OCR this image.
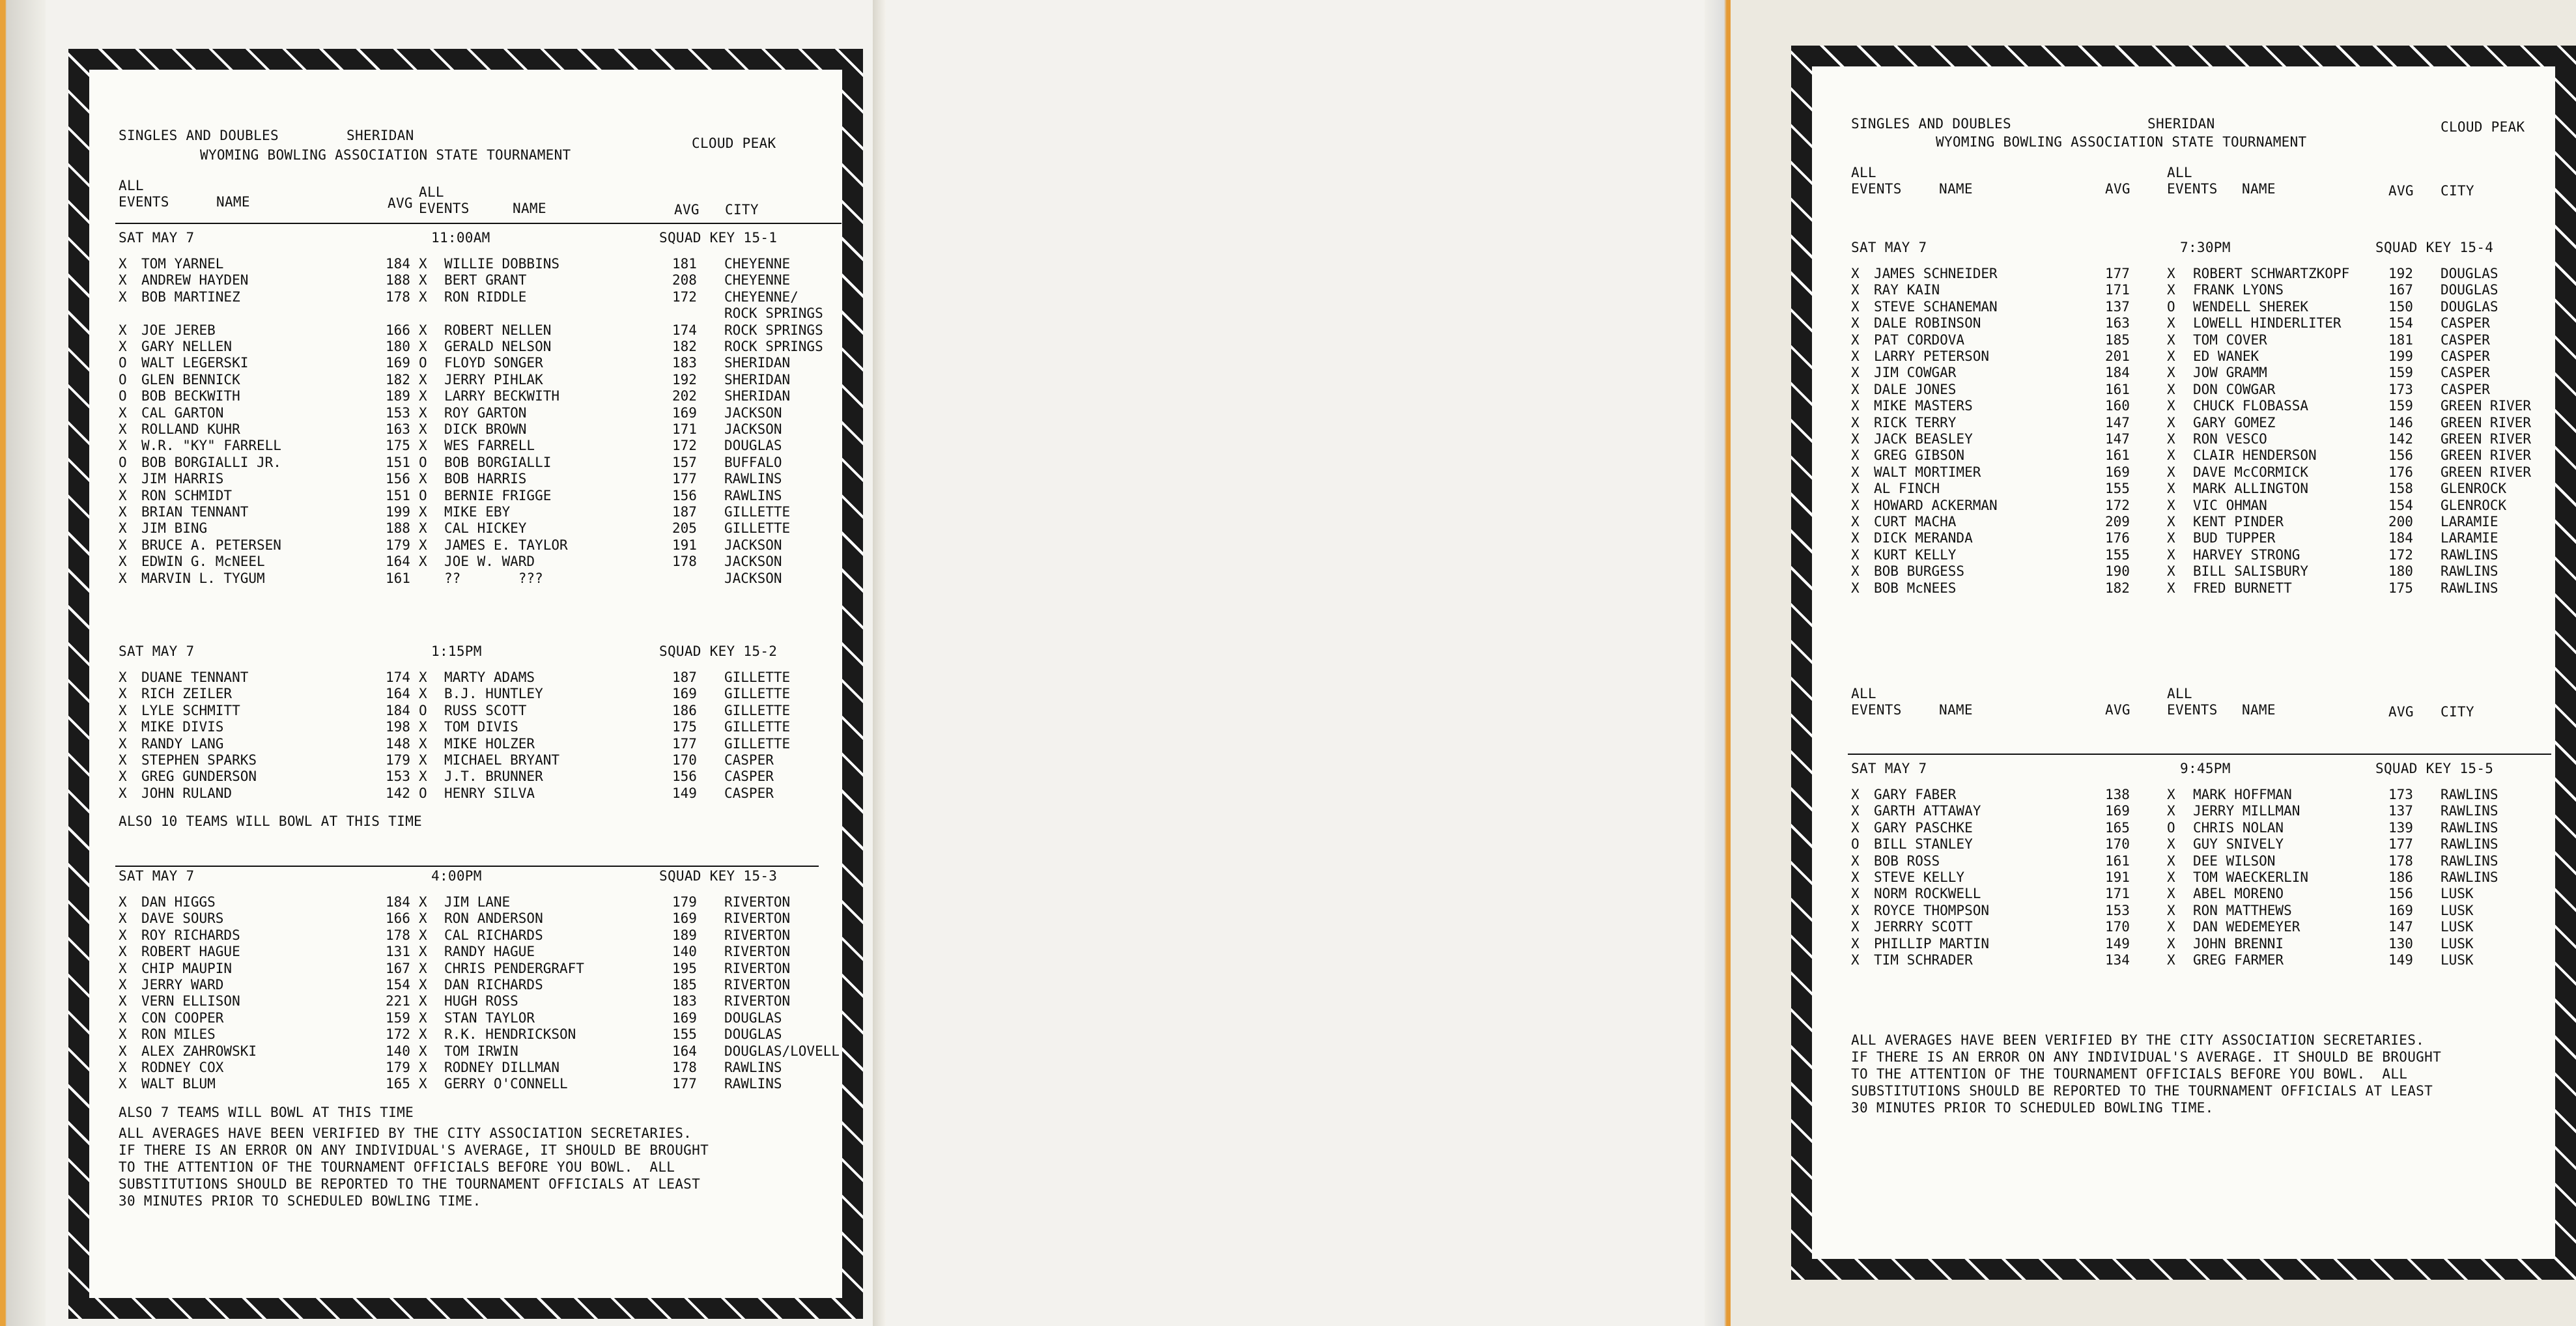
SINGLES AND DOUBLES	SHERIDAN	CLOUD PEAK
WYOMING BOWLING ASSOCIATION STATE TOURNAMENT
ALL
EVENTS	NAME	AVG
ALL
EVENTS	NAME	AVG CITY
SAT MAY 7	11:00AM	SQUAD KEY 15-1
X TOM YARNEL	184 X WILLIE DOBBINS	181 CHEYENNE
X ANDREW HAYDEN	188 X BERT GRANT	208 CHEYENNE
X BOB MARTINEZ	178 X RON RIDDLE	172 CHEYENNE/
ROCK SPRINGS
X JOE JEREB	166 X ROBERT NELLEN	174 ROCK SPRINGS
X GARY NELLEN	180 X GERALD NELSON	182 ROCK SPRINGS
O WALT LEGERSKI	169 O FLOYD SONGER	183 SHERIDAN
O GLEN BENNICK	182 X JERRY PIHLAK	192 SHERIDAN
O BOB BECKWITH	189 X LARRY BECKWITH	202 SHERIDAN
X CAL GARTON	153 X ROY GARTON	169 JACKSON
X ROLLAND KUHR	163 X DICK BROWN	171 JACKSON
X W.R. "KY" FARRELL	175 X WES FARRELL	172 DOUGLAS
O BOB BORGIALLI JR.	151 O BOB BORGIALLI	157 BUFFALO
X JIM HARRIS	156 X BOB HARRIS	177 RAWLINS
X RON SCHMIDT	151 O BERNIE FRIGGE	156 RAWLINS
X BRIAN TENNANT	199 X MIKE EBY	187 GILLETTE
X JIM BING	188 X CAL HICKEY	205 GILLETTE
X BRUCE A. PETERSEN	179 X JAMES E. TAYLOR	191 JACKSON
X EDWIN G. McNEEL	164 X JOE W. WARD	178 JACKSON
X MARVIN L. TYGUM	161 ??       ???	JACKSON
SAT MAY 7	1:15PM	SQUAD KEY 15-2
X DUANE TENNANT	174 X MARTY ADAMS	187 GILLETTE
X RICH ZEILER	164 X B.J. HUNTLEY	169 GILLETTE
X LYLE SCHMITT	184 O RUSS SCOTT	186 GILLETTE
X MIKE DIVIS	198 X TOM DIVIS	175 GILLETTE
X RANDY LANG	148 X MIKE HOLZER	177 GILLETTE
X STEPHEN SPARKS	179 X MICHAEL BRYANT	170 CASPER
X GREG GUNDERSON	153 X J.T. BRUNNER	156 CASPER
X JOHN RULAND	142 O HENRY SILVA	149 CASPER
ALSO 10 TEAMS WILL BOWL AT THIS TIME
SAT MAY 7	4:00PM	SQUAD KEY 15-3
X DAN HIGGS	184 X JIM LANE	179 RIVERTON
X DAVE SOURS	166 X RON ANDERSON	169 RIVERTON
X ROY RICHARDS	178 X CAL RICHARDS	189 RIVERTON
X ROBERT HAGUE	131 X RANDY HAGUE	140 RIVERTON
X CHIP MAUPIN	167 X CHRIS PENDERGRAFT	195 RIVERTON
X JERRY WARD	154 X DAN RICHARDS	185 RIVERTON
X VERN ELLISON	221 X HUGH ROSS	183 RIVERTON
X CON COOPER	159 X STAN TAYLOR	169 DOUGLAS
X RON MILES	172 X R.K. HENDRICKSON	155 DOUGLAS
X ALEX ZAHROWSKI	140 X TOM IRWIN	164 DOUGLAS/LOVELL
X RODNEY COX	179 X RODNEY DILLMAN	178 RAWLINS
X WALT BLUM	165 X GERRY O'CONNELL	177 RAWLINS
ALSO 7 TEAMS WILL BOWL AT THIS TIME
ALL AVERAGES HAVE BEEN VERIFIED BY THE CITY ASSOCIATION SECRETARIES.
IF THERE IS AN ERROR ON ANY INDIVIDUAL'S AVERAGE, IT SHOULD BE BROUGHT
TO THE ATTENTION OF THE TOURNAMENT OFFICIALS BEFORE YOU BOWL.  ALL
SUBSTITUTIONS SHOULD BE REPORTED TO THE TOURNAMENT OFFICIALS AT LEAST
30 MINUTES PRIOR TO SCHEDULED BOWLING TIME.
SINGLES AND DOUBLES	SHERIDAN	CLOUD PEAK
WYOMING BOWLING ASSOCIATION STATE TOURNAMENT
ALL
EVENTS	NAME	AVG
ALL
EVENTS NAME	AVG CITY
ALL
EVENTS	NAME	AVG
ALL
EVENTS NAME	AVG CITY
SAT MAY 7	7:30PM	SQUAD KEY 15-4
X JAMES SCHNEIDER	177	X ROBERT SCHWARTZKOPF	192 DOUGLAS
X RAY KAIN	171	X FRANK LYONS	167 DOUGLAS
X STEVE SCHANEMAN	137	O WENDELL SHEREK	150 DOUGLAS
X DALE ROBINSON	163	X LOWELL HINDERLITER	154 CASPER
X PAT CORDOVA	185	X TOM COVER	181 CASPER
X LARRY PETERSON	201	X ED WANEK	199 CASPER
X JIM COWGAR	184	X JOW GRAMM	159 CASPER
X DALE JONES	161	X DON COWGAR	173 CASPER
X MIKE MASTERS	160	X CHUCK FLOBASSA	159 GREEN RIVER
X RICK TERRY	147	X GARY GOMEZ	146 GREEN RIVER
X JACK BEASLEY	147	X RON VESCO	142 GREEN RIVER
X GREG GIBSON	161	X CLAIR HENDERSON	156 GREEN RIVER
X WALT MORTIMER	169	X DAVE McCORMICK	176 GREEN RIVER
X AL FINCH	155	X MARK ALLINGTON	158 GLENROCK
X HOWARD ACKERMAN	172	X VIC OHMAN	154 GLENROCK
X CURT MACHA	209	X KENT PINDER	200 LARAMIE
X DICK MERANDA	176	X BUD TUPPER	184 LARAMIE
X KURT KELLY	155	X HARVEY STRONG	172 RAWLINS
X BOB BURGESS	190	X BILL SALISBURY	180 RAWLINS
X BOB McNEES	182	X FRED BURNETT	175 RAWLINS
SAT MAY 7	9:45PM	SQUAD KEY 15-5
X GARY FABER	138	X MARK HOFFMAN	173 RAWLINS
X GARTH ATTAWAY	169	X JERRY MILLMAN	137 RAWLINS
X GARY PASCHKE	165	O CHRIS NOLAN	139 RAWLINS
O BILL STANLEY	170	X GUY SNIVELY	177 RAWLINS
X BOB ROSS	161	X DEE WILSON	178 RAWLINS
X STEVE KELLY	191	X TOM WAECKERLIN	186 RAWLINS
X NORM ROCKWELL	171	X ABEL MORENO	156 LUSK
X ROYCE THOMPSON	153	X RON MATTHEWS	169 LUSK
X JERRRY SCOTT	170	X DAN WEDEMEYER	147 LUSK
X PHILLIP MARTIN	149	X JOHN BRENNI	130 LUSK
X TIM SCHRADER	134	X GREG FARMER	149 LUSK
ALL AVERAGES HAVE BEEN VERIFIED BY THE CITY ASSOCIATION SECRETARIES.
IF THERE IS AN ERROR ON ANY INDIVIDUAL'S AVERAGE. IT SHOULD BE BROUGHT
TO THE ATTENTION OF THE TOURNAMENT OFFICIALS BEFORE YOU BOWL.  ALL
SUBSTITUTIONS SHOULD BE REPORTED TO THE TOURNAMENT OFFICIALS AT LEAST
30 MINUTES PRIOR TO SCHEDULED BOWLING TIME.
